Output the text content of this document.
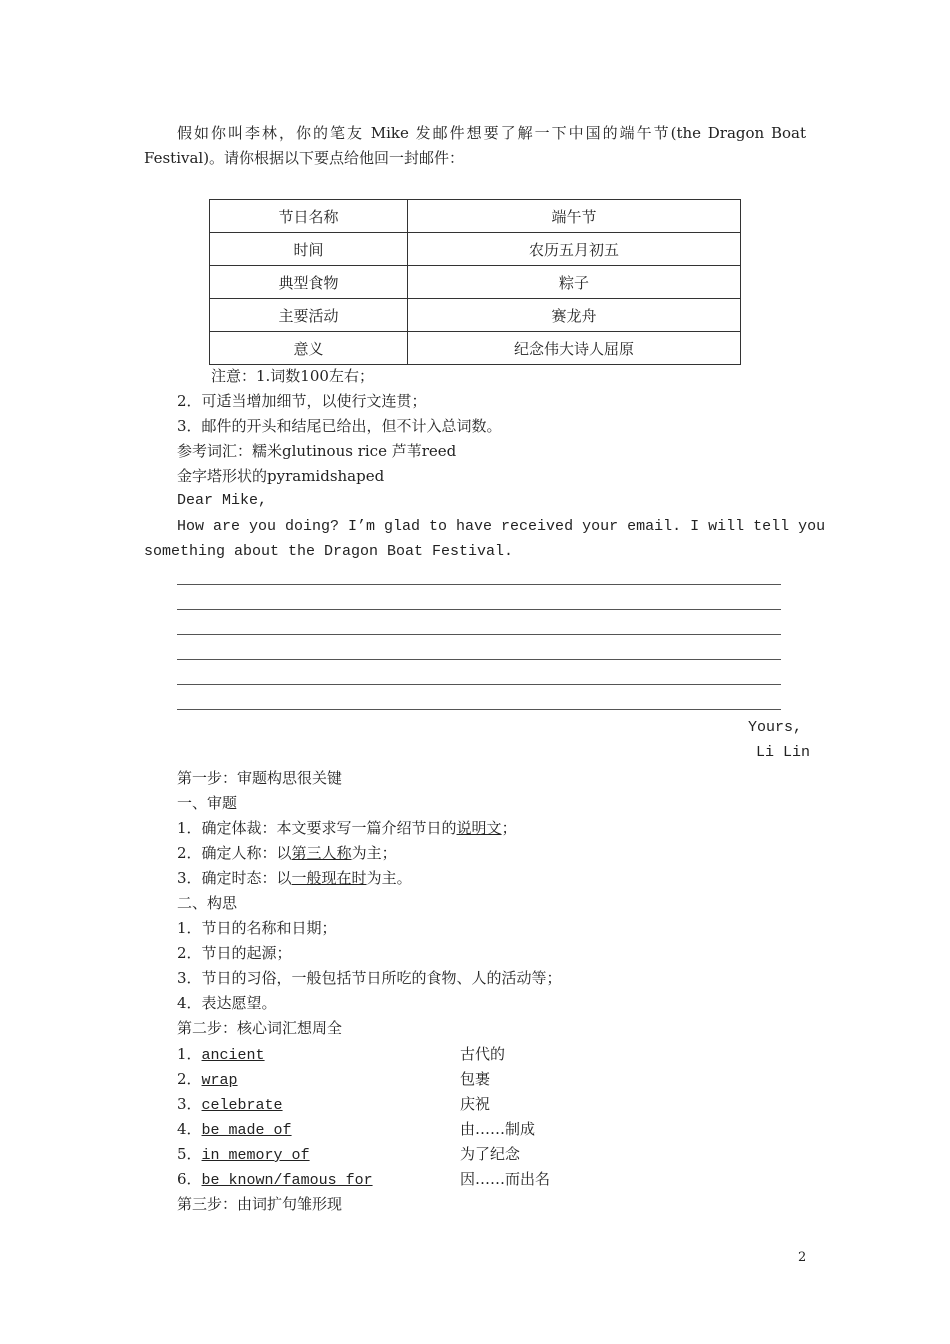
假如你叫李林，你的笔友 Mike 发邮件想要了解一下中国的端午节(the Dragon Boat
Festival)。请你根据以下要点给他回一封邮件：
节日名称	端午节
时间	农历五月初五
典型食物	粽子
主要活动	赛龙舟
意义	纪念伟大诗人屈原
注意：1.词数100左右；
2．可适当增加细节，以使行文连贯；
3．邮件的开头和结尾已给出，但不计入总词数。
参考词汇：糯米glutinous rice 芦苇reed
金字塔形状的pyramidshaped
Dear Mike,
How are you doing? I’m glad to have received your email. I will tell you
something about the Dragon Boat Festival.
Yours,
Li Lin
第一步：审题构思很关键
一、审题
1．确定体裁：本文要求写一篇介绍节日的说明文；
2．确定人称：以第三人称为主；
3．确定时态：以一般现在时为主。
二、构思
1．节日的名称和日期；
2．节日的起源；
3．节日的习俗，一般包括节日所吃的食物、人的活动等；
4．表达愿望。
第二步：核心词汇想周全
1．ancient	古代的
2．wrap	包裹
3．celebrate	庆祝
4．be made of	由……制成
5．in memory of	为了纪念
6．be known/famous for	因……而出名
第三步：由词扩句雏形现
2
